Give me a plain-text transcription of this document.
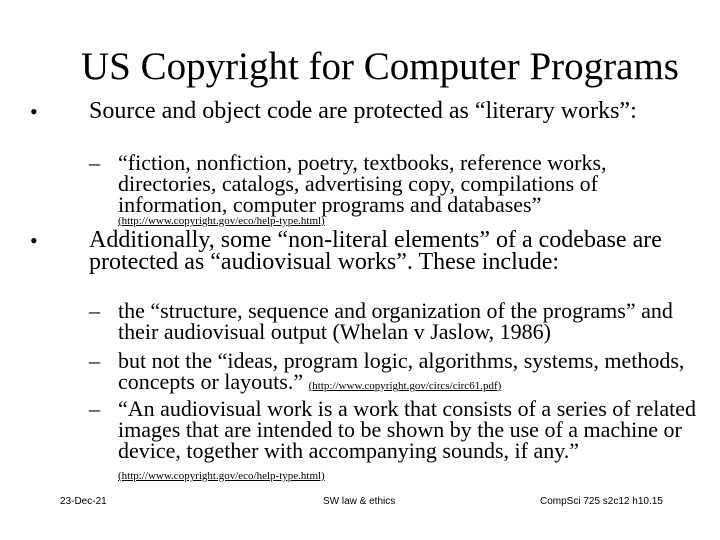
US Copyright for Computer Programs
• Source and object code are protected as “literary works”:
– “fiction, nonfiction, poetry, textbooks, reference works, directories, catalogs, advertising copy, compilations of information, computer programs and databases”
(http://www.copyright.gov/eco/help-type.html)
• Additionally, some “non-literal elements” of a codebase are protected as “audiovisual works”. These include:
– the “structure, sequence and organization of the programs” and their audiovisual output (Whelan v Jaslow, 1986)
– but not the “ideas, program logic, algorithms, systems, methods, concepts or layouts.” (http://www.copyright.gov/circs/circ61.pdf)
– “An audiovisual work is a work that consists of a series of related images that are intended to be shown by the use of a machine or device, together with accompanying sounds, if any.” (http://www.copyright.gov/eco/help-type.html)
23-Dec-21	SW law & ethics	CompSci 725 s2c12 h10.15
